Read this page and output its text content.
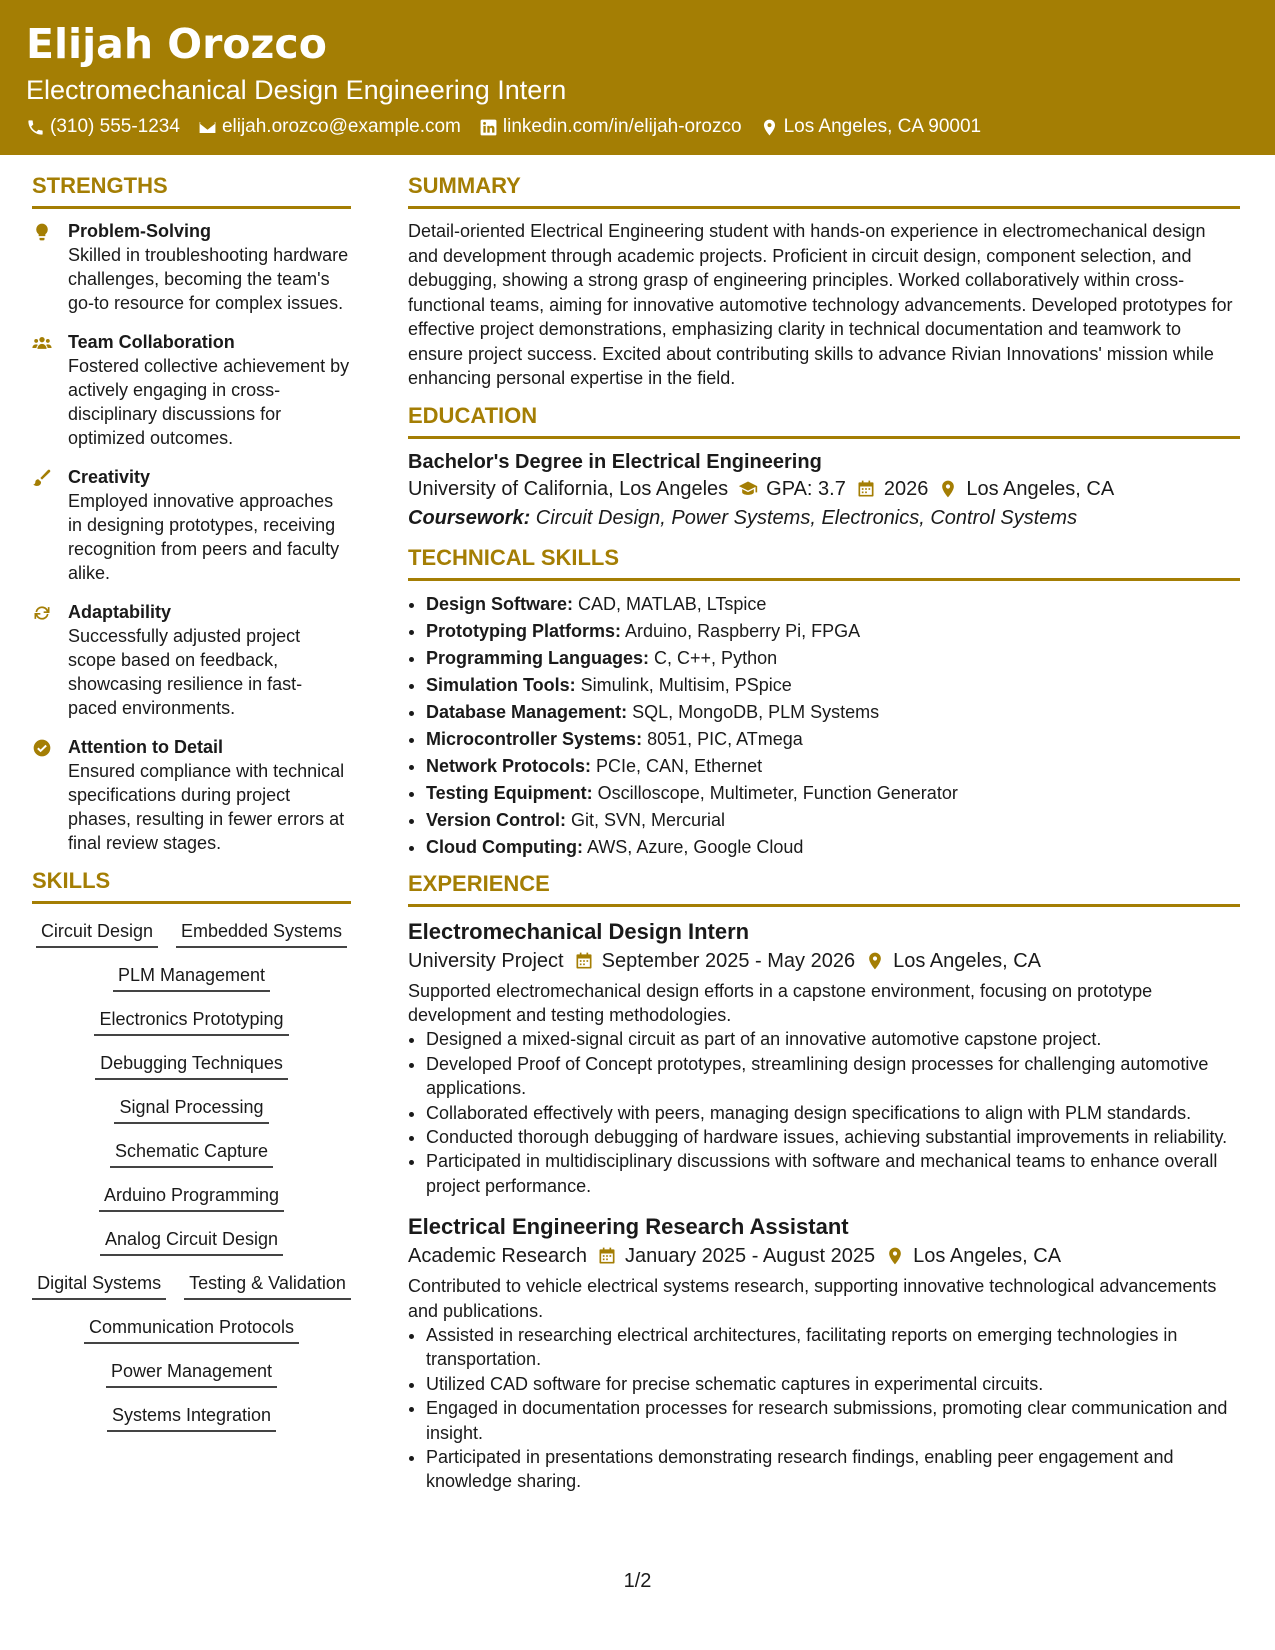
Elijah Orozco
Electromechanical Design Engineering Intern
(310) 555-1234 elijah.orozco@example.com linkedin.com/in/elijah-orozco Los Angeles, CA 90001
STRENGTHS
Problem-Solving
Skilled in troubleshooting hardware challenges, becoming the team's go-to resource for complex issues.
Team Collaboration
Fostered collective achievement by actively engaging in cross-disciplinary discussions for optimized outcomes.
Creativity
Employed innovative approaches in designing prototypes, receiving recognition from peers and faculty alike.
Adaptability
Successfully adjusted project scope based on feedback, showcasing resilience in fast-paced environments.
Attention to Detail
Ensured compliance with technical specifications during project phases, resulting in fewer errors at final review stages.
SKILLS
Circuit Design Embedded Systems
PLM Management
Electronics Prototyping
Debugging Techniques
Signal Processing
Schematic Capture
Arduino Programming
Analog Circuit Design
Digital Systems Testing & Validation
Communication Protocols
Power Management
Systems Integration
SUMMARY

Detail-oriented Electrical Engineering student with hands-on experience in electromechanical design and development through academic projects. Proficient in circuit design, component selection, and debugging, showing a strong grasp of engineering principles. Worked collaboratively within cross-functional teams, aiming for innovative automotive technology advancements. Developed prototypes for effective project demonstrations, emphasizing clarity in technical documentation and teamwork to ensure project success. Excited about contributing skills to advance Rivian Innovations' mission while enhancing personal expertise in the field.

EDUCATION
Bachelor's Degree in Electrical Engineering
University of California, Los Angeles GPA: 3.7 2026 Los Angeles, CA
Coursework: Circuit Design, Power Systems, Electronics, Control Systems
TECHNICAL SKILLS
• Design Software: CAD, MATLAB, LTspice
• Prototyping Platforms: Arduino, Raspberry Pi, FPGA
• Programming Languages: C, C++, Python
• Simulation Tools: Simulink, Multisim, PSpice
• Database Management: SQL, MongoDB, PLM Systems
• Microcontroller Systems: 8051, PIC, ATmega
• Network Protocols: PCIe, CAN, Ethernet
• Testing Equipment: Oscilloscope, Multimeter, Function Generator
• Version Control: Git, SVN, Mercurial
• Cloud Computing: AWS, Azure, Google Cloud
EXPERIENCE
Electromechanical Design Intern
University Project September 2025 - May 2026 Los Angeles, CA
Supported electromechanical design efforts in a capstone environment, focusing on prototype development and testing methodologies.
• Designed a mixed-signal circuit as part of an innovative automotive capstone project.
• Developed Proof of Concept prototypes, streamlining design processes for challenging automotive applications.
• Collaborated effectively with peers, managing design specifications to align with PLM standards.
• Conducted thorough debugging of hardware issues, achieving substantial improvements in reliability.
• Participated in multidisciplinary discussions with software and mechanical teams to enhance overall project performance.
Electrical Engineering Research Assistant
Academic Research January 2025 - August 2025 Los Angeles, CA
Contributed to vehicle electrical systems research, supporting innovative technological advancements and publications.
• Assisted in researching electrical architectures, facilitating reports on emerging technologies in transportation.
• Utilized CAD software for precise schematic captures in experimental circuits.
• Engaged in documentation processes for research submissions, promoting clear communication and insight.
• Participated in presentations demonstrating research findings, enabling peer engagement and knowledge sharing.
1/2
